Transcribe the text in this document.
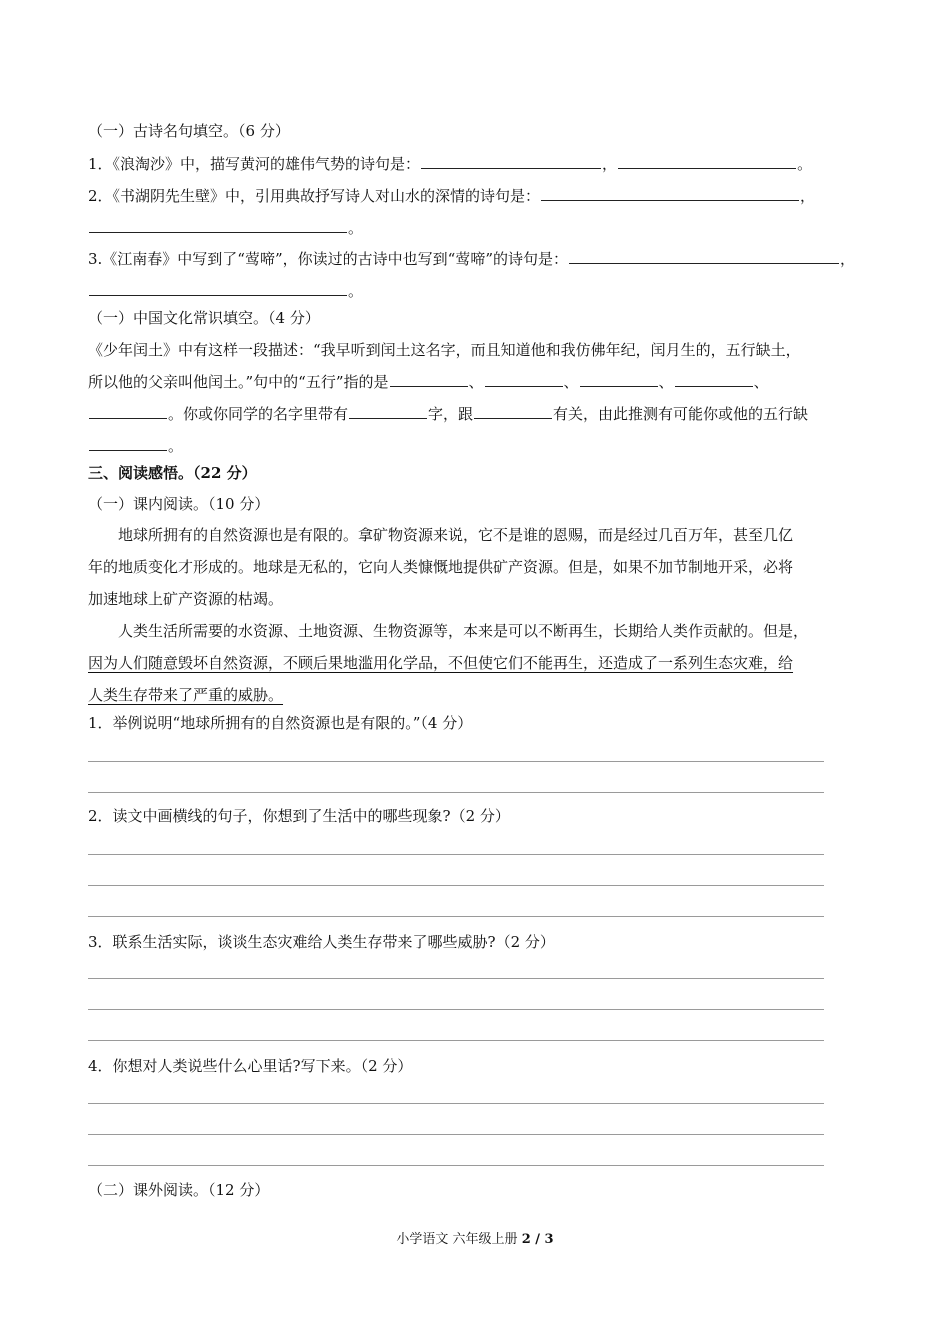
（一）古诗名句填空。（6 分）
1．《浪淘沙》中，描写黄河的雄伟气势的诗句是：	，	。
2．《书湖阴先生壁》中，引用典故抒写诗人对山水的深情的诗句是：	，
。
3.《江南春》中写到了“莺啼”，你读过的古诗中也写到“莺啼”的诗句是：	，
。
（一）中国文化常识填空。（4 分）
《少年闰土》中有这样一段描述：“我早听到闰土这名字，而且知道他和我仿佛年纪，闰月生的，五行缺土，
所以他的父亲叫他闰土。”句中的“五行”指的是	、	、	、	、
。你或你同学的名字里带有	字，跟	有关，由此推测有可能你或他的五行缺
。
三、阅读感悟。（22 分）
（一）课内阅读。（10 分）
地球所拥有的自然资源也是有限的。拿矿物资源来说，它不是谁的恩赐，而是经过几百万年，甚至几亿
年的地质变化才形成的。地球是无私的，它向人类慷慨地提供矿产资源。但是，如果不加节制地开采，必将
加速地球上矿产资源的枯竭。
人类生活所需要的水资源、土地资源、生物资源等，本来是可以不断再生，长期给人类作贡献的。但是，
因为人们随意毁坏自然资源，不顾后果地滥用化学品，不但使它们不能再生，还造成了一系列生态灾难，给
人类生存带来了严重的威胁。
1．举例说明“地球所拥有的自然资源也是有限的。”（4 分）
2．读文中画横线的句子，你想到了生活中的哪些现象?（2 分）
3．联系生活实际，谈谈生态灾难给人类生存带来了哪些威胁?（2 分）
4．你想对人类说些什么心里话?写下来。（2 分）
（二）课外阅读。（12 分）
小学语文 六年级上册 2 / 3
